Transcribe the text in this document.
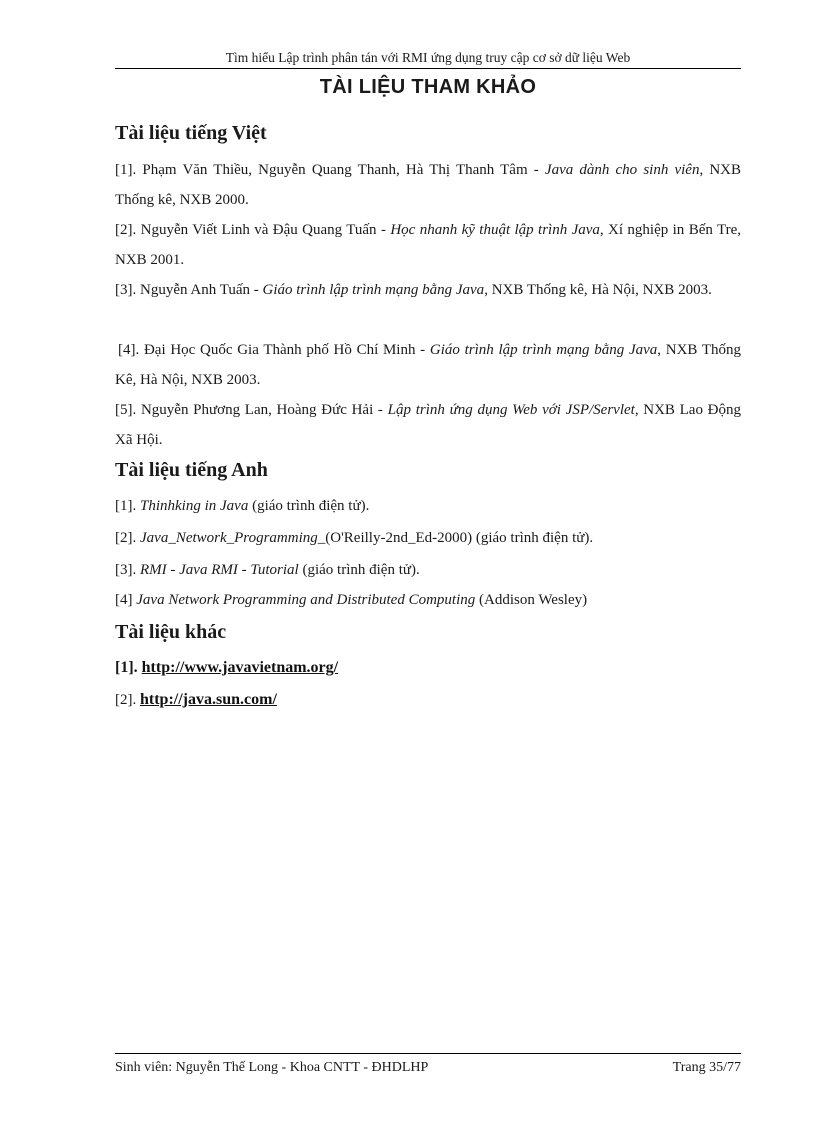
Tìm hiểu Lập trình phân tán với RMI ứng dụng truy cập cơ sở dữ liệu Web
TÀI LIỆU THAM KHẢO
Tài liệu tiếng Việt
[1]. Phạm Văn Thiều, Nguyễn Quang Thanh, Hà Thị Thanh Tâm - Java dành cho sinh viên, NXB Thống kê, NXB 2000.
[2]. Nguyễn Viết Linh và Đậu Quang Tuấn - Học nhanh kỹ thuật lập trình Java, Xí nghiệp in Bến Tre, NXB 2001.
[3]. Nguyễn Anh Tuấn - Giáo trình lập trình mạng bằng Java, NXB Thống kê, Hà Nội, NXB 2003.
[4]. Đại Học Quốc Gia Thành phố Hồ Chí Minh - Giáo trình lập trình mạng bằng Java, NXB Thống Kê, Hà Nội, NXB 2003.
[5]. Nguyễn Phương Lan, Hoàng Đức Hải - Lập trình ứng dụng Web với JSP/Servlet, NXB Lao Động Xã Hội.
Tài liệu tiếng Anh
[1]. Thinhking in Java (giáo trình điện tử).
[2]. Java_Network_Programming_(O'Reilly-2nd_Ed-2000) (giáo trình điện tử).
[3]. RMI - Java RMI - Tutorial (giáo trình điện tử).
[4] Java Network Programming and Distributed Computing (Addison Wesley)
Tài liệu khác
[1]. http://www.javavietnam.org/
[2]. http://java.sun.com/
Sinh viên: Nguyễn Thế Long - Khoa CNTT - ĐHDLHP	Trang 35/77
